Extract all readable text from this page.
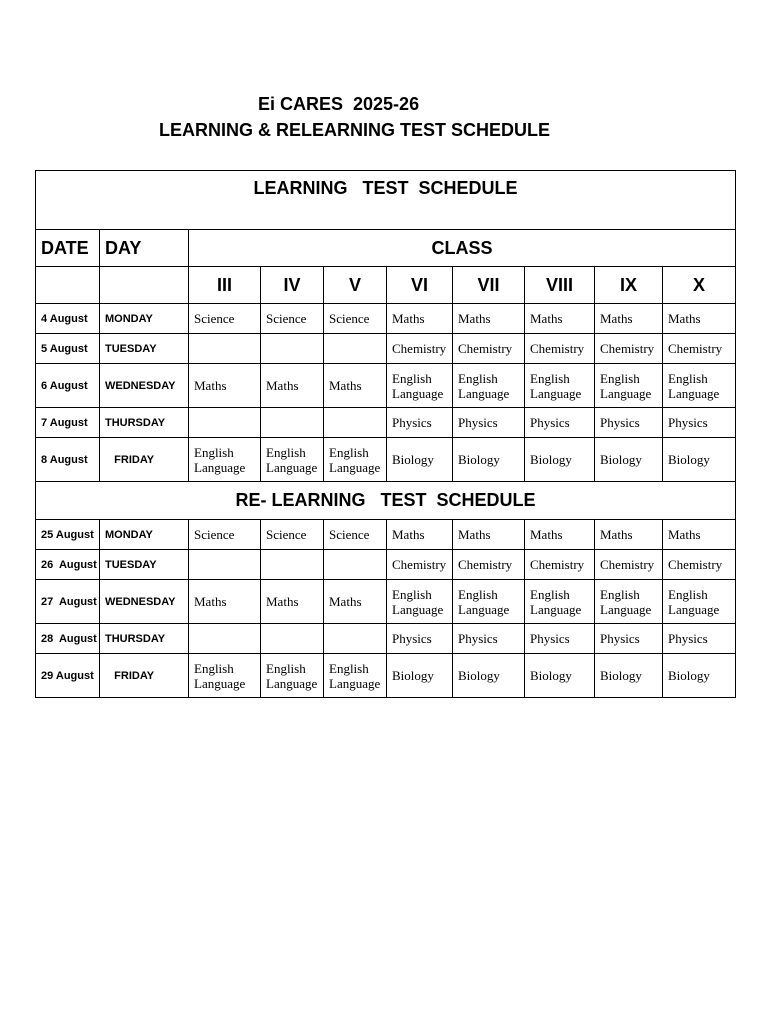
Ei CARES  2025-26
LEARNING & RELEARNING TEST SCHEDULE
LEARNING   TEST  SCHEDULE									
DATE	DAY	CLASS							
		III	IV	V	VI	VII	VIII	IX	X
4 August	MONDAY	Science	Science	Science	Maths	Maths	Maths	Maths	Maths
5 August	TUESDAY				Chemistry	Chemistry	Chemistry	Chemistry	Chemistry
6 August	WEDNESDAY	Maths	Maths	Maths	English Language	English Language	English Language	English Language	English Language
7 August	THURSDAY				Physics	Physics	Physics	Physics	Physics
8 August	FRIDAY	English Language	English Language	English Language	Biology	Biology	Biology	Biology	Biology
RE- LEARNING   TEST  SCHEDULE									
25 August	MONDAY	Science	Science	Science	Maths	Maths	Maths	Maths	Maths
26  August	TUESDAY				Chemistry	Chemistry	Chemistry	Chemistry	Chemistry
27  August	WEDNESDAY	Maths	Maths	Maths	English Language	English Language	English Language	English Language	English Language
28  August	THURSDAY				Physics	Physics	Physics	Physics	Physics
29 August	FRIDAY	English Language	English Language	English Language	Biology	Biology	Biology	Biology	Biology
